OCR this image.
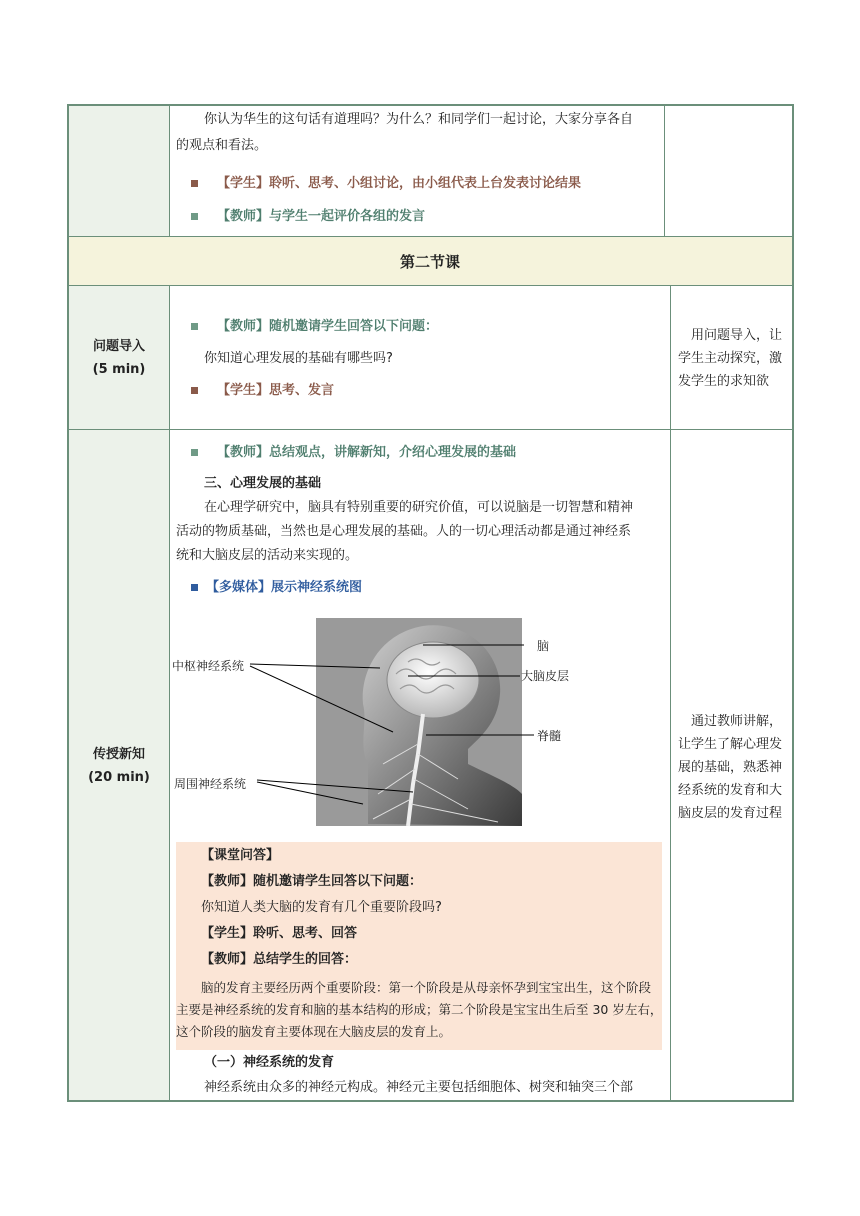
你认为华生的这句话有道理吗？为什么？和同学们一起讨论，大家分享各自
的观点和看法。
【学生】聆听、思考、小组讨论，由小组代表上台发表讨论结果
【教师】与学生一起评价各组的发言
第二节课
问题导入
(5 min)
【教师】随机邀请学生回答以下问题：
你知道心理发展的基础有哪些吗?
【学生】思考、发言
用问题导入，让
学生主动探究，激
发学生的求知欲
传授新知
(20 min)
【教师】总结观点，讲解新知，介绍心理发展的基础
三、心理发展的基础
在心理学研究中，脑具有特别重要的研究价值，可以说脑是一切智慧和精神
活动的物质基础，当然也是心理发展的基础。人的一切心理活动都是通过神经系
统和大脑皮层的活动来实现的。
【多媒体】展示神经系统图
中枢神经系统
周围神经系统
脑
大脑皮层
脊髓
【课堂问答】
【教师】随机邀请学生回答以下问题：
你知道人类大脑的发育有几个重要阶段吗?
【学生】聆听、思考、回答
【教师】总结学生的回答：
脑的发育主要经历两个重要阶段：第一个阶段是从母亲怀孕到宝宝出生，这个阶段
主要是神经系统的发育和脑的基本结构的形成；第二个阶段是宝宝出生后至 30 岁左右，
这个阶段的脑发育主要体现在大脑皮层的发育上。
（一）神经系统的发育
神经系统由众多的神经元构成。神经元主要包括细胞体、树突和轴突三个部
通过教师讲解，
让学生了解心理发
展的基础，熟悉神
经系统的发育和大
脑皮层的发育过程
